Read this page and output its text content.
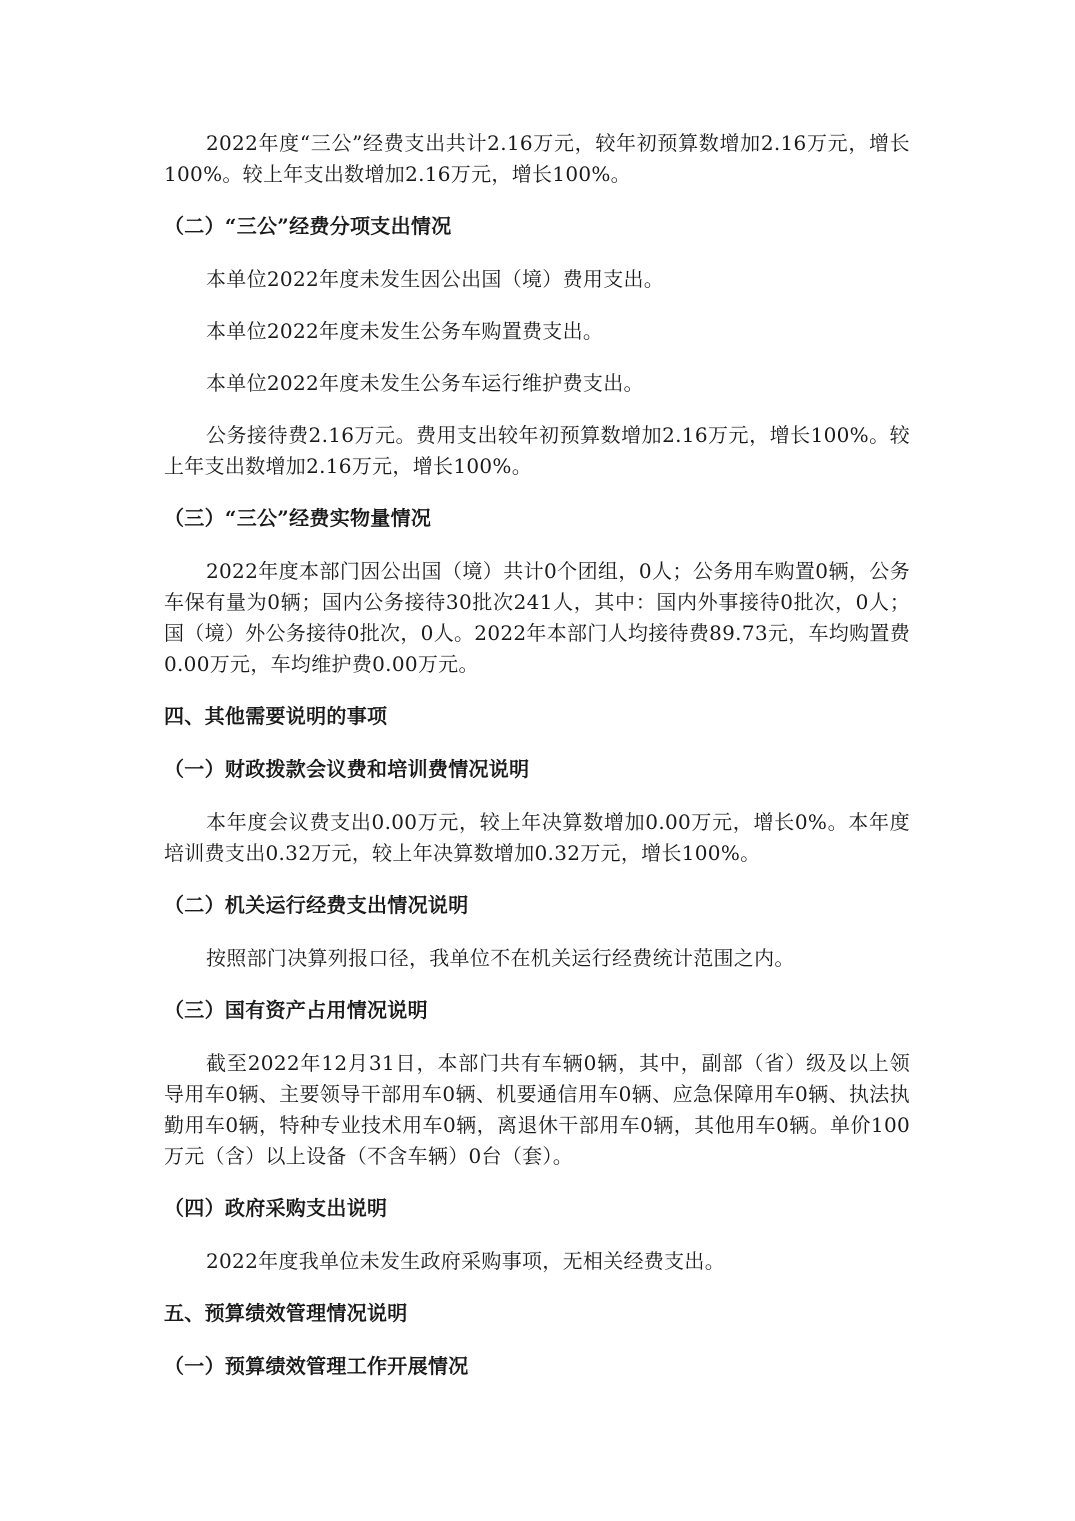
2022年度“三公”经费支出共计2.16万元，较年初预算数增加2.16万元，增长100%。较上年支出数增加2.16万元，增长100%。

（二）“三公”经费分项支出情况

本单位2022年度未发生因公出国（境）费用支出。

本单位2022年度未发生公务车购置费支出。

本单位2022年度未发生公务车运行维护费支出。

公务接待费2.16万元。费用支出较年初预算数增加2.16万元，增长100%。较上年支出数增加2.16万元，增长100%。

（三）“三公”经费实物量情况

2022年度本部门因公出国（境）共计0个团组，0人；公务用车购置0辆，公务车保有量为0辆；国内公务接待30批次241人，其中：国内外事接待0批次，0人；国（境）外公务接待0批次，0人。2022年本部门人均接待费89.73元，车均购置费0.00万元，车均维护费0.00万元。

四、其他需要说明的事项
（一）财政拨款会议费和培训费情况说明

本年度会议费支出0.00万元，较上年决算数增加0.00万元，增长0%。本年度培训费支出0.32万元，较上年决算数增加0.32万元，增长100%。

（二）机关运行经费支出情况说明

按照部门决算列报口径，我单位不在机关运行经费统计范围之内。

（三）国有资产占用情况说明

截至2022年12月31日，本部门共有车辆0辆，其中，副部（省）级及以上领导用车0辆、主要领导干部用车0辆、机要通信用车0辆、应急保障用车0辆、执法执勤用车0辆，特种专业技术用车0辆，离退休干部用车0辆，其他用车0辆。单价100万元（含）以上设备（不含车辆）0台（套）。

（四）政府采购支出说明

2022年度我单位未发生政府采购事项，无相关经费支出。

五、预算绩效管理情况说明
（一）预算绩效管理工作开展情况
